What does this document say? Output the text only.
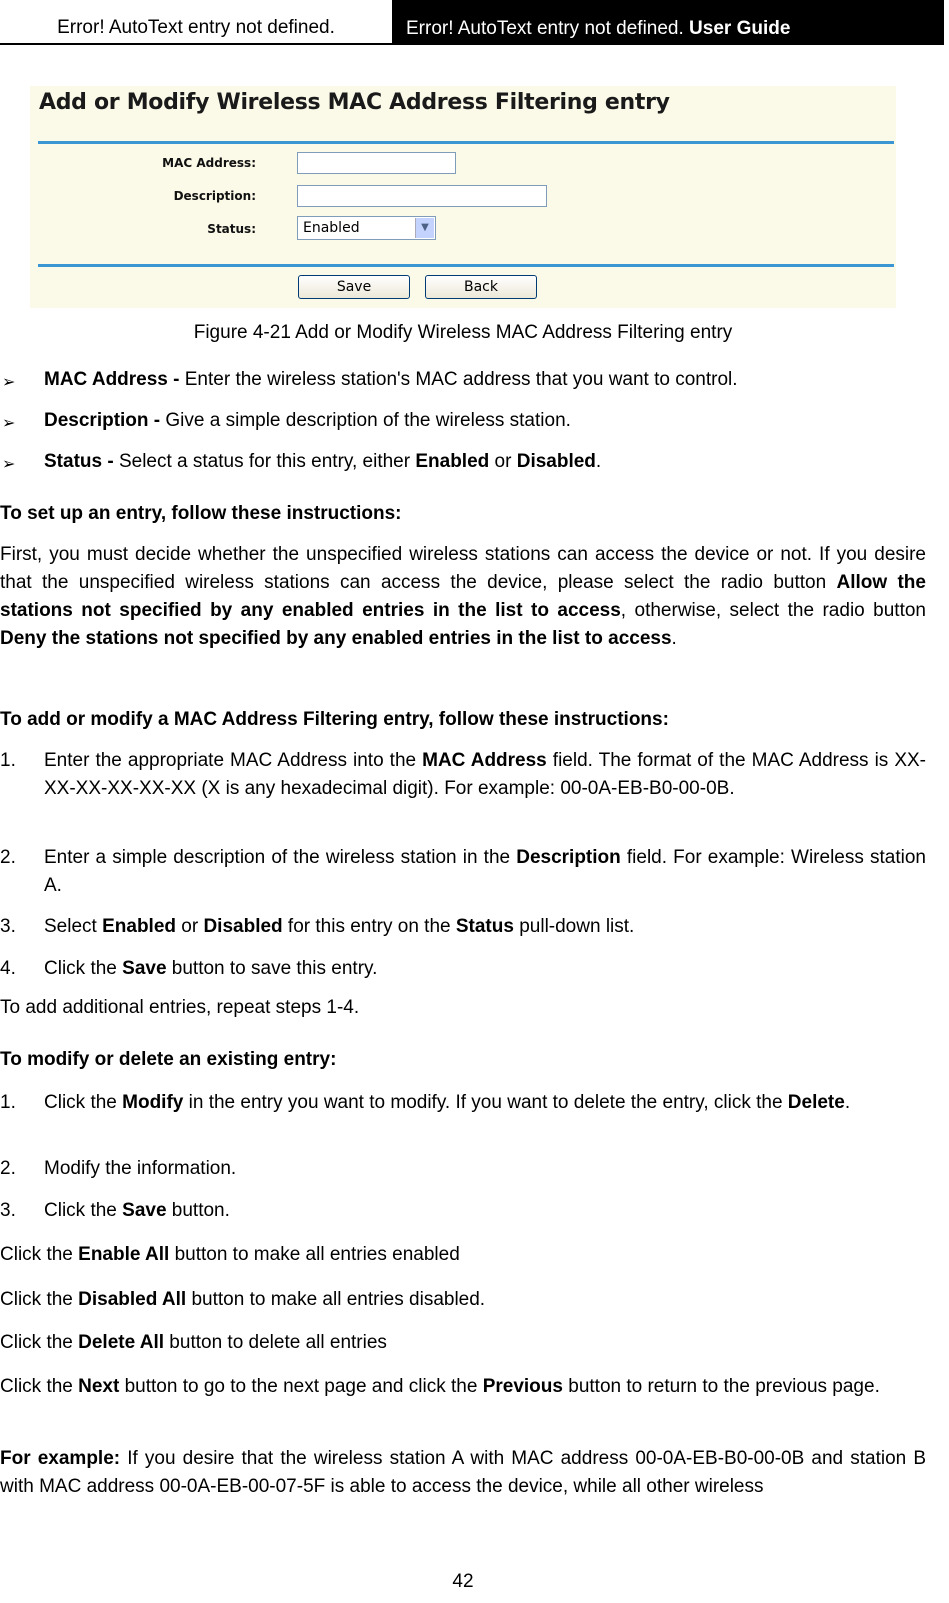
Error! AutoText entry not defined.	Error! AutoText entry not defined. User Guide
Add or Modify Wireless MAC Address Filtering entry
MAC Address:
Description:
Status:	Enabled	▼
Save	Back
Figure 4-21 Add or Modify Wireless MAC Address Filtering entry
➢ MAC Address - Enter the wireless station's MAC address that you want to control.
➢ Description - Give a simple description of the wireless station.
➢ Status - Select a status for this entry, either Enabled or Disabled.
To set up an entry, follow these instructions:
First, you must decide whether the unspecified wireless stations can access the device or not. If you desire that the unspecified wireless stations can access the device, please select the radio button Allow the stations not specified by any enabled entries in the list to access, otherwise, select the radio button Deny the stations not specified by any enabled entries in the list to access.
To add or modify a MAC Address Filtering entry, follow these instructions:
1. Enter the appropriate MAC Address into the MAC Address field. The format of the MAC Address is XX-XX-XX-XX-XX-XX (X is any hexadecimal digit). For example: 00-0A-EB-B0-00-0B.
2. Enter a simple description of the wireless station in the Description field. For example: Wireless station A.
3. Select Enabled or Disabled for this entry on the Status pull-down list.
4. Click the Save button to save this entry.
To add additional entries, repeat steps 1-4.
To modify or delete an existing entry:
1. Click the Modify in the entry you want to modify. If you want to delete the entry, click the Delete.
2. Modify the information.
3. Click the Save button.
Click the Enable All button to make all entries enabled
Click the Disabled All button to make all entries disabled.
Click the Delete All button to delete all entries
Click the Next button to go to the next page and click the Previous button to return to the previous page.
For example: If you desire that the wireless station A with MAC address 00-0A-EB-B0-00-0B and station B with MAC address 00-0A-EB-00-07-5F is able to access the device, while all other wireless
42
